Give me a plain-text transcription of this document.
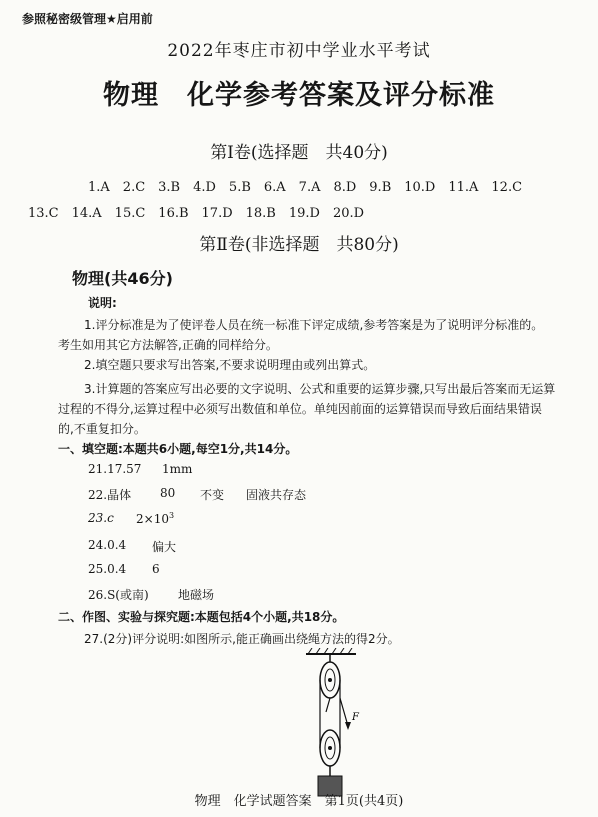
参照秘密级管理★启用前
2022年枣庄市初中学业水平考试
物理　化学参考答案及评分标准
第Ⅰ卷(选择题　共40分)
1.A　2.C　3.B　4.D　5.B　6.A　7.A　8.D　9.B　10.D　11.A　12.C
13.C　14.A　15.C　16.B　17.D　18.B　19.D　20.D
第Ⅱ卷(非选择题　共80分)
物理(共46分)
说明:
1.评分标准是为了使评卷人员在统一标准下评定成绩,参考答案是为了说明评分标准的。
考生如用其它方法解答,正确的同样给分。
2.填空题只要求写出答案,不要求说明理由或列出算式。
3.计算题的答案应写出必要的文字说明、公式和重要的运算步骤,只写出最后答案而无运算
过程的不得分,运算过程中必须写出数值和单位。单纯因前面的运算错误而导致后面结果错误
的,不重复扣分。
一、填空题:本题共6小题,每空1分,共14分。
21.17.57 1mm
22.晶体 80 不变 固液共存态
23.c $2\times 10^3$
24.0.4 偏大
25.0.4 6
26.S(或南) 地磁场
二、作图、实验与探究题:本题包括4个小题,共18分。
27.(2分)评分说明:如图所示,能正确画出绕绳方法的得2分。
F
物理　化学试题答案　第1页(共4页)
